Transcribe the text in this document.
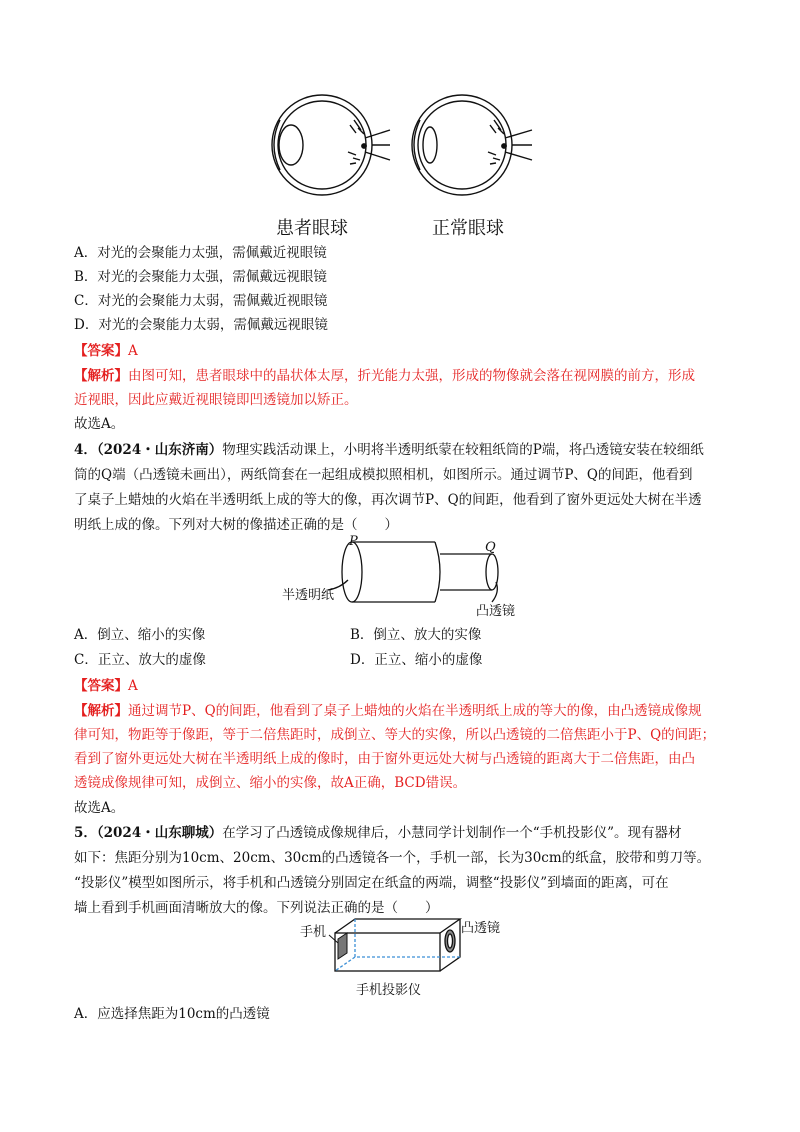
患者眼球	正常眼球
A．对光的会聚能力太强，需佩戴近视眼镜
B．对光的会聚能力太强，需佩戴远视眼镜
C．对光的会聚能力太弱，需佩戴近视眼镜
D．对光的会聚能力太弱，需佩戴远视眼镜
【答案】A
【解析】由图可知，患者眼球中的晶状体太厚，折光能力太强，形成的物像就会落在视网膜的前方，形成
近视眼，因此应戴近视眼镜即凹透镜加以矫正。
故选A。
4．（2024・山东济南）物理实践活动课上，小明将半透明纸蒙在较粗纸筒的P端，将凸透镜安装在较细纸
筒的Q端（凸透镜未画出），两纸筒套在一起组成模拟照相机，如图所示。通过调节P、Q的间距，他看到
了桌子上蜡烛的火焰在半透明纸上成的等大的像，再次调节P、Q的间距，他看到了窗外更远处大树在半透
明纸上成的像。下列对大树的像描述正确的是（　　）
P	Q
半透明纸
凸透镜
A．倒立、缩小的实像	B．倒立、放大的实像
C．正立、放大的虚像	D．正立、缩小的虚像
【答案】A
【解析】通过调节P、Q的间距，他看到了桌子上蜡烛的火焰在半透明纸上成的等大的像，由凸透镜成像规
律可知，物距等于像距，等于二倍焦距时，成倒立、等大的实像，所以凸透镜的二倍焦距小于P、Q的间距；
看到了窗外更远处大树在半透明纸上成的像时，由于窗外更远处大树与凸透镜的距离大于二倍焦距，由凸
透镜成像规律可知，成倒立、缩小的实像，故A正确，BCD错误。
故选A。
5．（2024・山东聊城）在学习了凸透镜成像规律后，小慧同学计划制作一个“手机投影仪”。现有器材
如下：焦距分别为10cm、20cm、30cm的凸透镜各一个，手机一部，长为30cm的纸盒，胶带和剪刀等。
“投影仪”模型如图所示，将手机和凸透镜分别固定在纸盒的两端，调整“投影仪”到墙面的距离，可在
墙上看到手机画面清晰放大的像。下列说法正确的是（　　）
手机	凸透镜
手机投影仪
A．应选择焦距为10cm的凸透镜
